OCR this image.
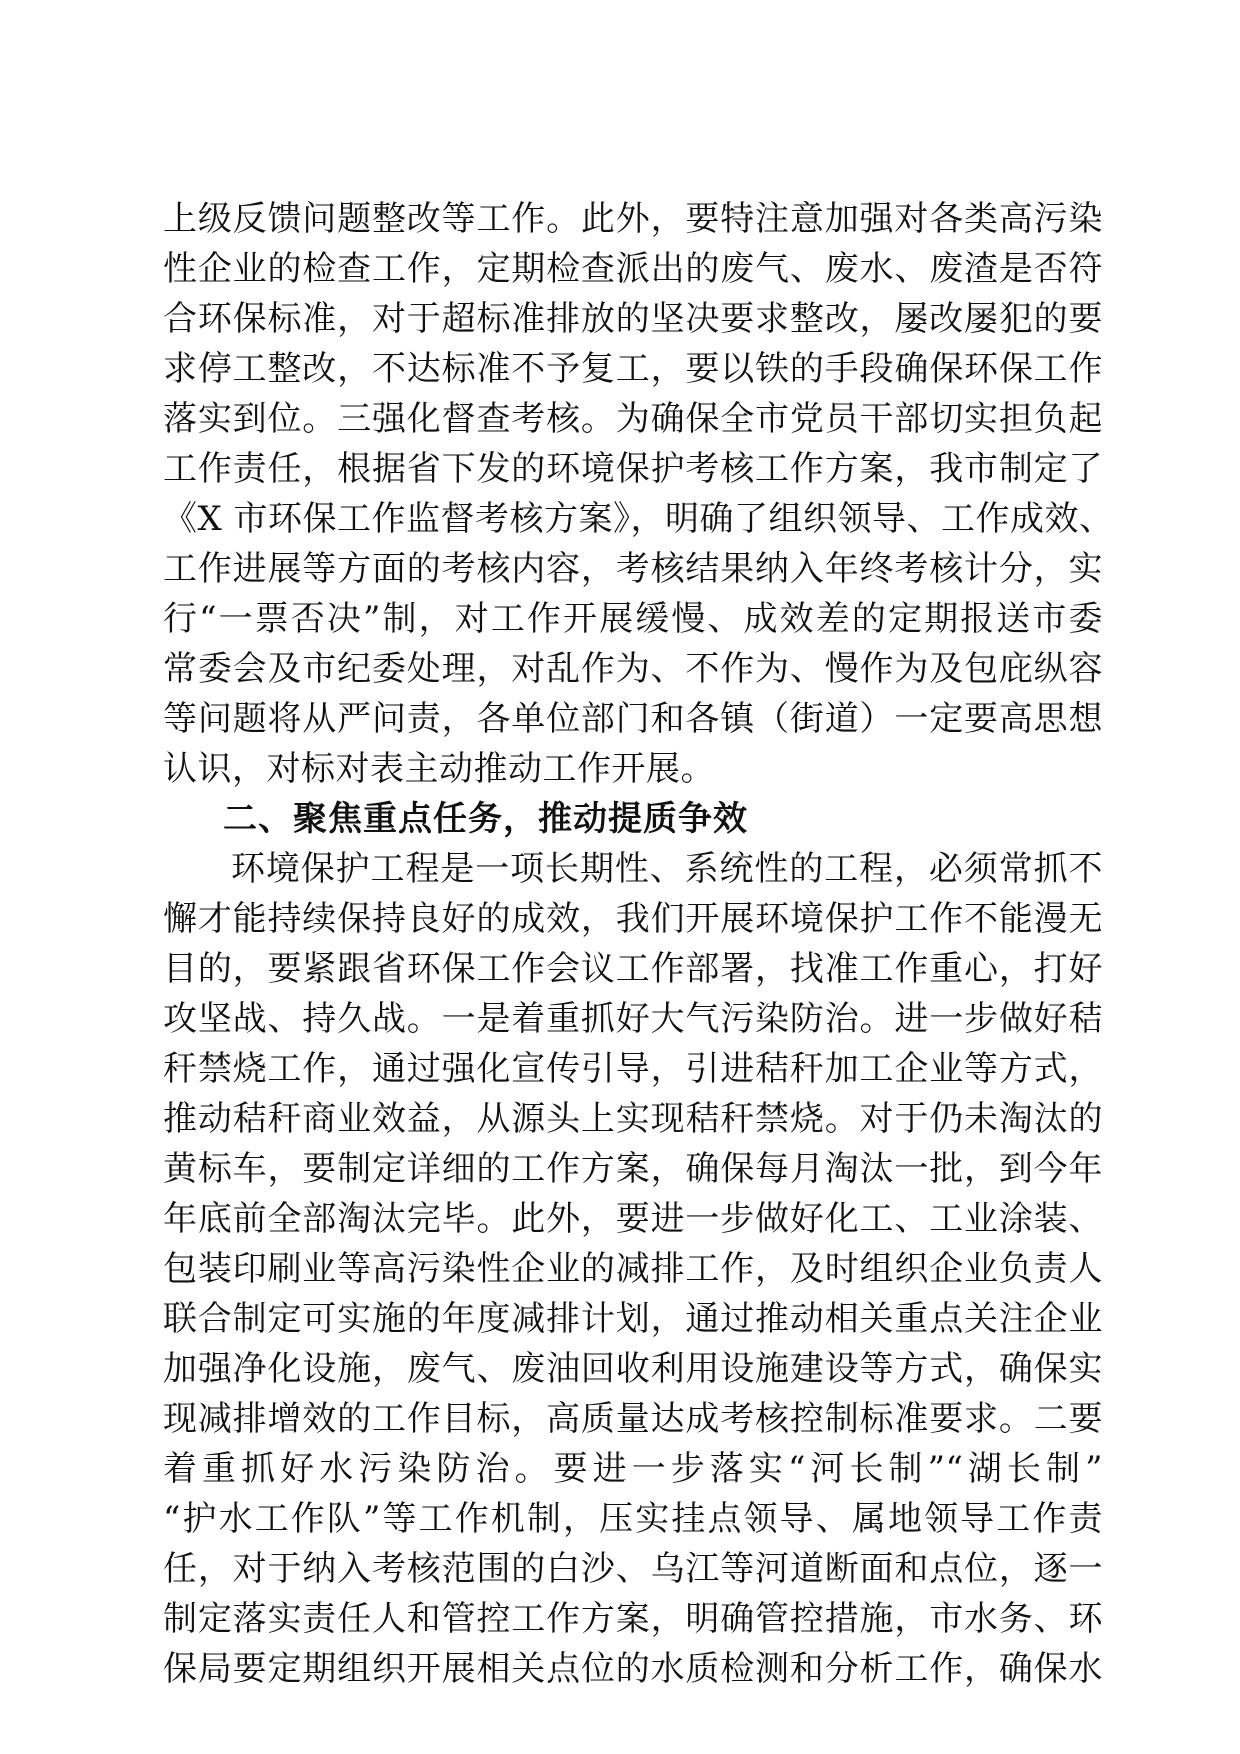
上级反馈问题整改等工作。此外，要特注意加强对各类高污染
性企业的检查工作，定期检查派出的废气、废水、废渣是否符
合环保标准，对于超标准排放的坚决要求整改，屡改屡犯的要
求停工整改，不达标准不予复工，要以铁的手段确保环保工作
落实到位。三强化督查考核。为确保全市党员干部切实担负起
工作责任，根据省下发的环境保护考核工作方案，我市制定了
《X 市环保工作监督考核方案》，明确了组织领导、工作成效、
工作进展等方面的考核内容，考核结果纳入年终考核计分，实
行“一票否决”制，对工作开展缓慢、成效差的定期报送市委
常委会及市纪委处理，对乱作为、不作为、慢作为及包庇纵容
等问题将从严问责，各单位部门和各镇（街道）一定要高思想
认识，对标对表主动推动工作开展。
二、聚焦重点任务，推动提质争效
环境保护工程是一项长期性、系统性的工程，必须常抓不
懈才能持续保持良好的成效，我们开展环境保护工作不能漫无
目的，要紧跟省环保工作会议工作部署，找准工作重心，打好
攻坚战、持久战。一是着重抓好大气污染防治。进一步做好秸
秆禁烧工作，通过强化宣传引导，引进秸秆加工企业等方式，
推动秸秆商业效益，从源头上实现秸秆禁烧。对于仍未淘汰的
黄标车，要制定详细的工作方案，确保每月淘汰一批，到今年
年底前全部淘汰完毕。此外，要进一步做好化工、工业涂装、
包装印刷业等高污染性企业的减排工作，及时组织企业负责人
联合制定可实施的年度减排计划，通过推动相关重点关注企业
加强净化设施，废气、废油回收利用设施建设等方式，确保实
现减排增效的工作目标，高质量达成考核控制标准要求。二要
着重抓好水污染防治。要进一步落实“河长制”“湖长制”
“护水工作队”等工作机制，压实挂点领导、属地领导工作责
任，对于纳入考核范围的白沙、乌江等河道断面和点位，逐一
制定落实责任人和管控工作方案，明确管控措施，市水务、环
保局要定期组织开展相关点位的水质检测和分析工作，确保水
